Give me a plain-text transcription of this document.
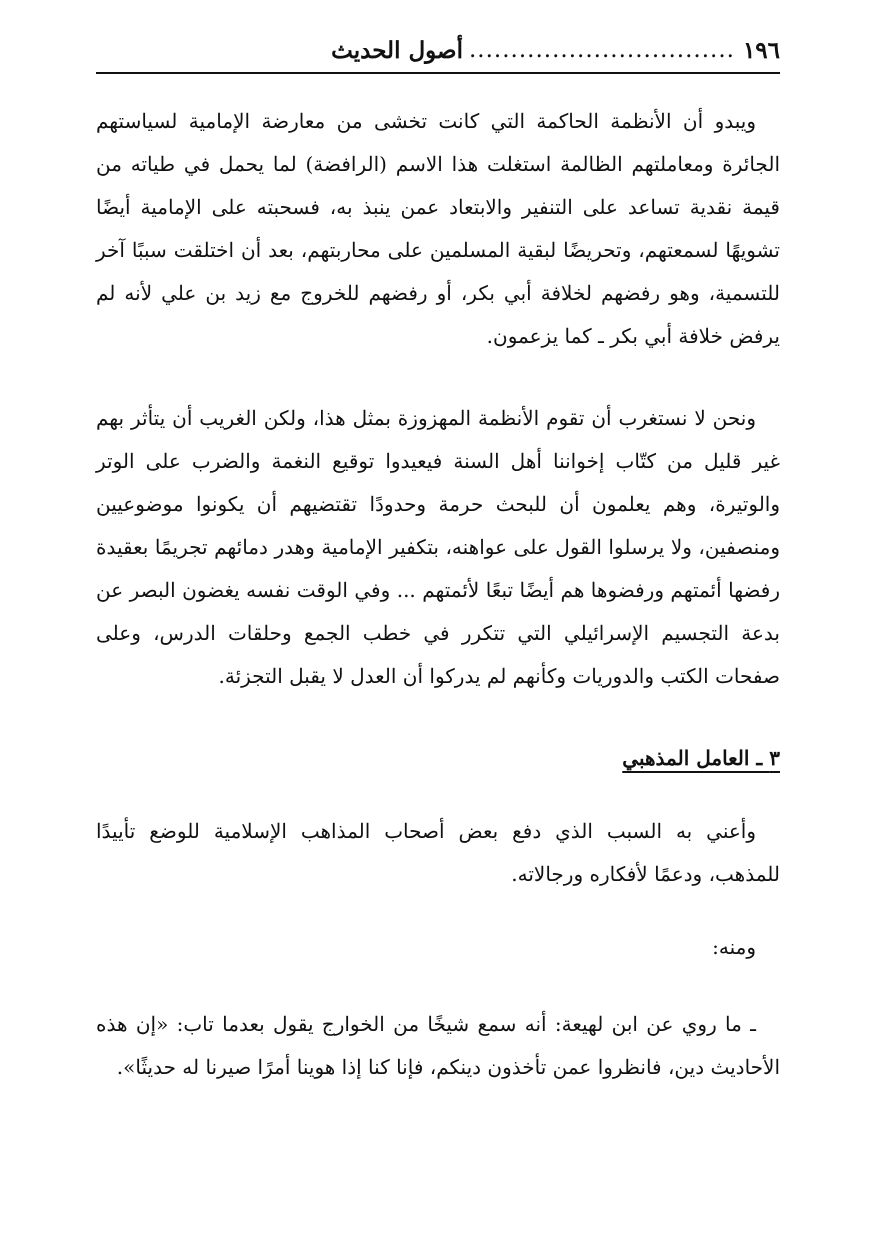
١٩٦
................................
أصول الحديث

ويبدو أن الأنظمة الحاكمة التي كانت تخشى من معارضة الإمامية لسياستهم الجائرة ومعاملتهم الظالمة استغلت هذا الاسم (الرافضة) لما يحمل في طياته من قيمة نقدية تساعد على التنفير والابتعاد عمن ينبذ به، فسحبته على الإمامية أيضًا تشويهًا لسمعتهم، وتحريضًا لبقية المسلمين على محاربتهم، بعد أن اختلقت سببًا آخر للتسمية، وهو رفضهم لخلافة أبي بكر، أو رفضهم للخروج مع زيد بن علي لأنه لم يرفض خلافة أبي بكر ـ كما يزعمون.

ونحن لا نستغرب أن تقوم الأنظمة المهزوزة بمثل هذا، ولكن الغريب أن يتأثر بهم غير قليل من كتّاب إخواننا أهل السنة فيعيدوا توقيع النغمة والضرب على الوتر والوتيرة، وهم يعلمون أن للبحث حرمة وحدودًا تقتضيهم أن يكونوا موضوعيين ومنصفين، ولا يرسلوا القول على عواهنه، بتكفير الإمامية وهدر دمائهم تجريمًا بعقيدة رفضها أئمتهم ورفضوها هم أيضًا تبعًا لأئمتهم ... وفي الوقت نفسه يغضون البصر عن بدعة التجسيم الإسرائيلي التي تتكرر في خطب الجمع وحلقات الدرس، وعلى صفحات الكتب والدوريات وكأنهم لم يدركوا أن العدل لا يقبل التجزئة.

٣ ـ العامل المذهبي

وأعني به السبب الذي دفع بعض أصحاب المذاهب الإسلامية للوضع تأييدًا للمذهب، ودعمًا لأفكاره ورجالاته.

ومنه:

ـ ما روي عن ابن لهيعة: أنه سمع شيخًا من الخوارج يقول بعدما تاب: «إن هذه الأحاديث دين، فانظروا عمن تأخذون دينكم، فإنا كنا إذا هوينا أمرًا صيرنا له حديثًا».
